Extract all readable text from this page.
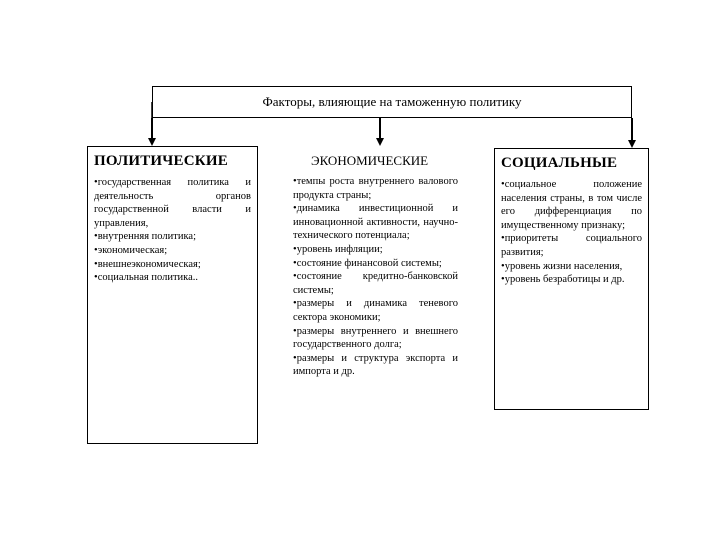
Факторы, влияющие на таможенную политику
ПОЛИТИЧЕСКИЕ
• государственная политика и деятельность органов государственной власти и управления,
• внутренняя политика;
• экономическая;
• внешнеэкономическая;
• социальная политика..
ЭКОНОМИЧЕСКИЕ
• темпы роста внутреннего валового продукта страны;
• динамика инвестиционной и инновационной активности, научно-технического потенциала;
• уровень инфляции;
• состояние финансовой системы;
• состояние кредитно-банковской системы;
• размеры и динамика теневого сектора экономики;
• размеры внутреннего и внешнего государственного долга;
• размеры и структура экспорта и импорта и др.
СОЦИАЛЬНЫЕ
• социальное положение населения страны, в том числе его дифференциация по имущественному признаку;
• приоритеты социального развития;
• уровень жизни населения,
• уровень безработицы и др.
